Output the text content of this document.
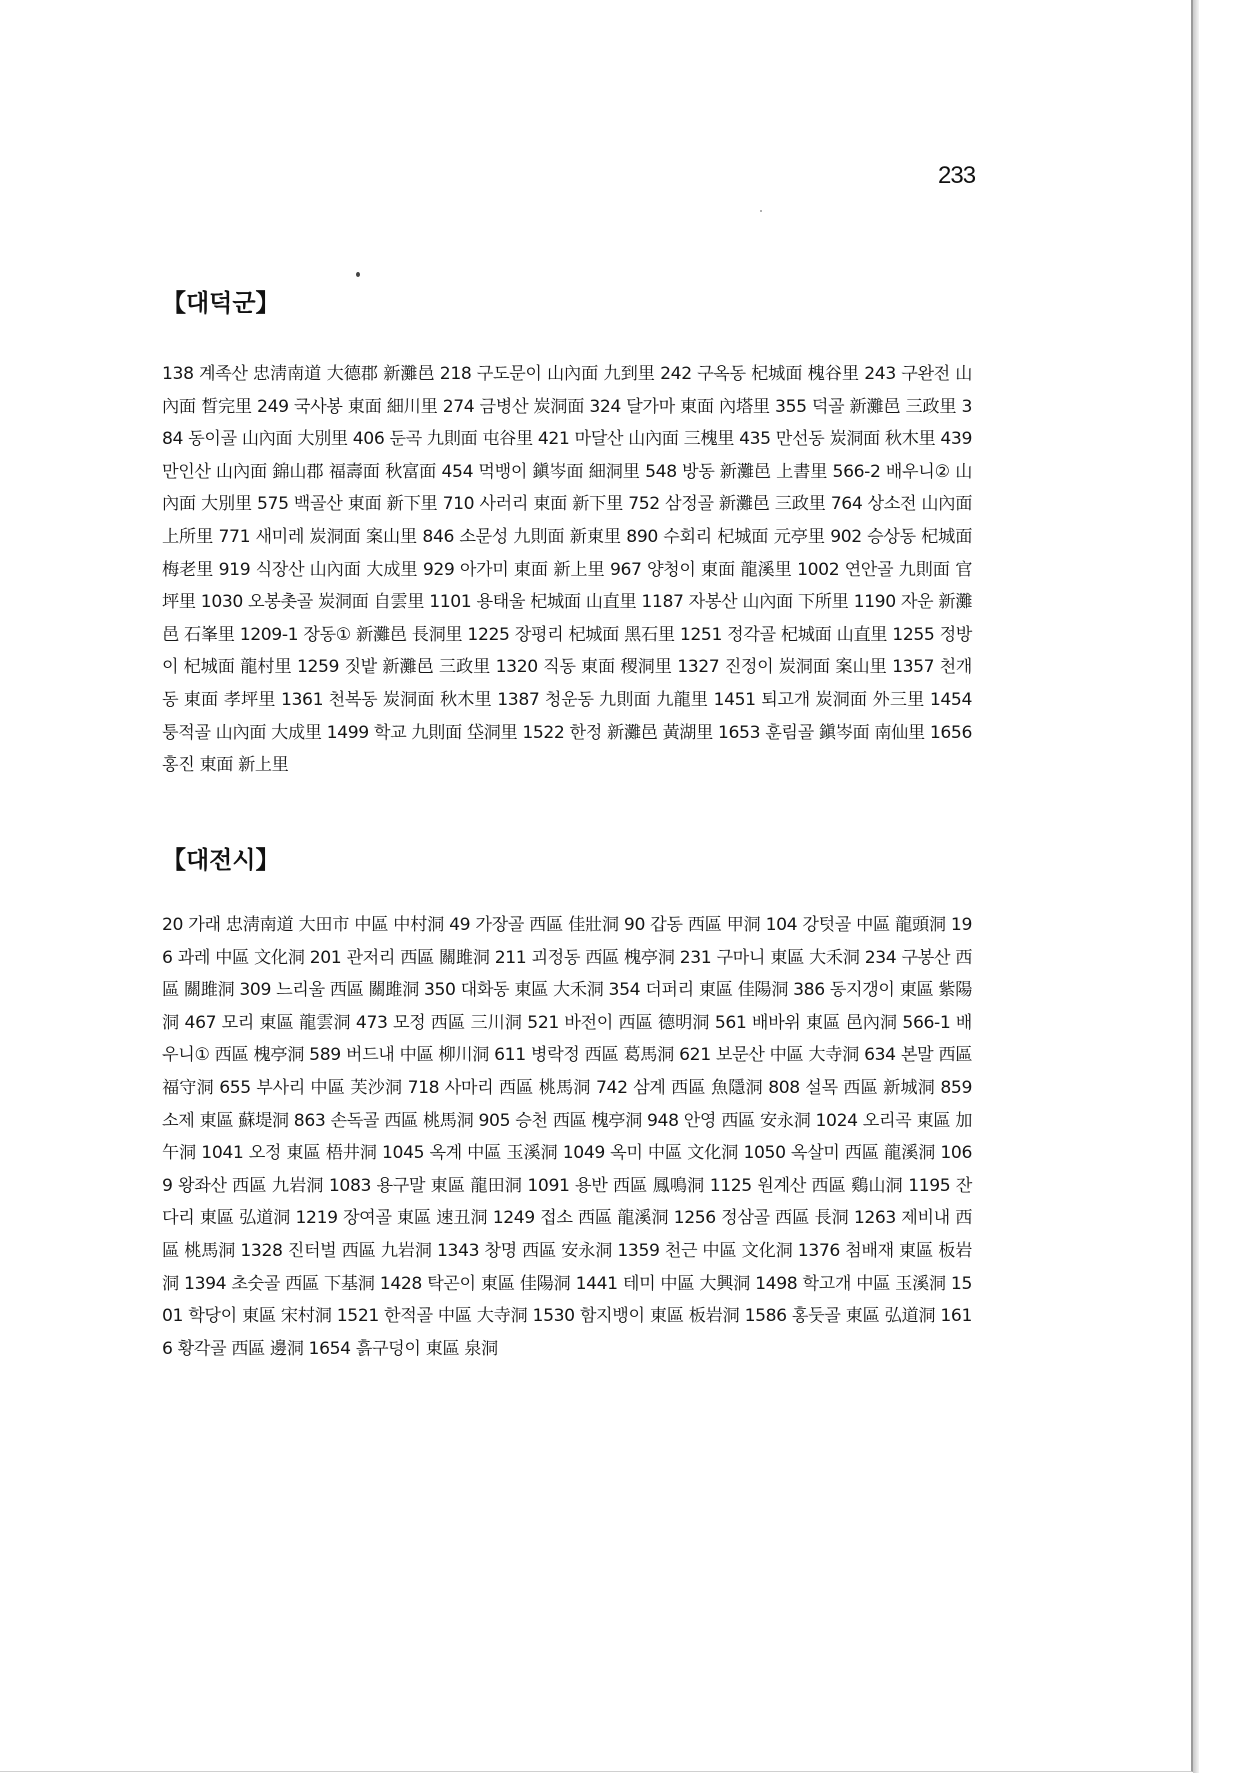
233
【대덕군】

138 계족산 忠淸南道 大德郡 新灘邑 218 구도문이 山內面 九到里 242 구옥동 杞城面 槐谷里 243 구완전 山內面 晳完里 249 국사봉 東面 細川里 274 금병산 炭洞面 324 달가마 東面 內塔里 355 덕골 新灘邑 三政里 384 동이골 山內面 大別里 406 둔곡 九則面 屯谷里 421 마달산 山內面 三槐里 435 만선동 炭洞面 秋木里 439 만인산 山內面 錦山郡 福壽面 秋富面 454 먹뱅이 鎭岑面 細洞里 548 방동 新灘邑 上書里 566-2 배우니② 山內面 大別里 575 백골산 東面 新下里 710 사러리 東面 新下里 752 삼정골 新灘邑 三政里 764 상소전 山內面 上所里 771 새미레 炭洞面 案山里 846 소문성 九則面 新東里 890 수회리 杞城面 元亭里 902 승상동 杞城面 梅老里 919 식장산 山內面 大成里 929 아가미 東面 新上里 967 양청이 東面 龍溪里 1002 연안골 九則面 官坪里 1030 오봉촛골 炭洞面 自雲里 1101 용태울 杞城面 山直里 1187 자봉산 山內面 下所里 1190 자운 新灘邑 石峯里 1209-1 장동① 新灘邑 長洞里 1225 장평리 杞城面 黑石里 1251 정각골 杞城面 山直里 1255 정방이 杞城面 龍村里 1259 짓밭 新灘邑 三政里 1320 직동 東面 稷洞里 1327 진정이 炭洞面 案山里 1357 천개동 東面 孝坪里 1361 천복동 炭洞面 秋木里 1387 청운동 九則面 九龍里 1451 퇴고개 炭洞面 外三里 1454 퉁적골 山內面 大成里 1499 학교 九則面 垈洞里 1522 한정 新灘邑 黃湖里 1653 훈림골 鎭岑面 南仙里 1656 홍진 東面 新上里

【대전시】

20 가래 忠淸南道 大田市 中區 中村洞 49 가장골 西區 佳壯洞 90 갑동 西區 甲洞 104 강텃골 中區 龍頭洞 196 과레 中區 文化洞 201 관저리 西區 關雎洞 211 괴정동 西區 槐亭洞 231 구마니 東區 大禾洞 234 구봉산 西區 關雎洞 309 느리울 西區 關雎洞 350 대화동 東區 大禾洞 354 더퍼리 東區 佳陽洞 386 동지갱이 東區 紫陽洞 467 모리 東區 龍雲洞 473 모정 西區 三川洞 521 바전이 西區 德明洞 561 배바위 東區 邑內洞 566-1 배우니① 西區 槐亭洞 589 버드내 中區 柳川洞 611 병락정 西區 葛馬洞 621 보문산 中區 大寺洞 634 본말 西區 福守洞 655 부사리 中區 芙沙洞 718 사마리 西區 桃馬洞 742 삼계 西區 魚隱洞 808 설목 西區 新城洞 859 소제 東區 蘇堤洞 863 손독골 西區 桃馬洞 905 승천 西區 槐亭洞 948 안영 西區 安永洞 1024 오리곡 東區 加午洞 1041 오정 東區 梧井洞 1045 옥계 中區 玉溪洞 1049 옥미 中區 文化洞 1050 옥살미 西區 龍溪洞 1069 왕좌산 西區 九岩洞 1083 용구말 東區 龍田洞 1091 용반 西區 鳳鳴洞 1125 원계산 西區 鷄山洞 1195 잔다리 東區 弘道洞 1219 장여골 東區 速丑洞 1249 접소 西區 龍溪洞 1256 정삼골 西區 長洞 1263 제비내 西區 桃馬洞 1328 진터벌 西區 九岩洞 1343 창명 西區 安永洞 1359 천근 中區 文化洞 1376 첨배재 東區 板岩洞 1394 초숫골 西區 下基洞 1428 탁곤이 東區 佳陽洞 1441 테미 中區 大興洞 1498 학고개 中區 玉溪洞 1501 학당이 東區 宋村洞 1521 한적골 中區 大寺洞 1530 함지뱅이 東區 板岩洞 1586 홍둣골 東區 弘道洞 1616 황각골 西區 邊洞 1654 흙구덩이 東區 泉洞
